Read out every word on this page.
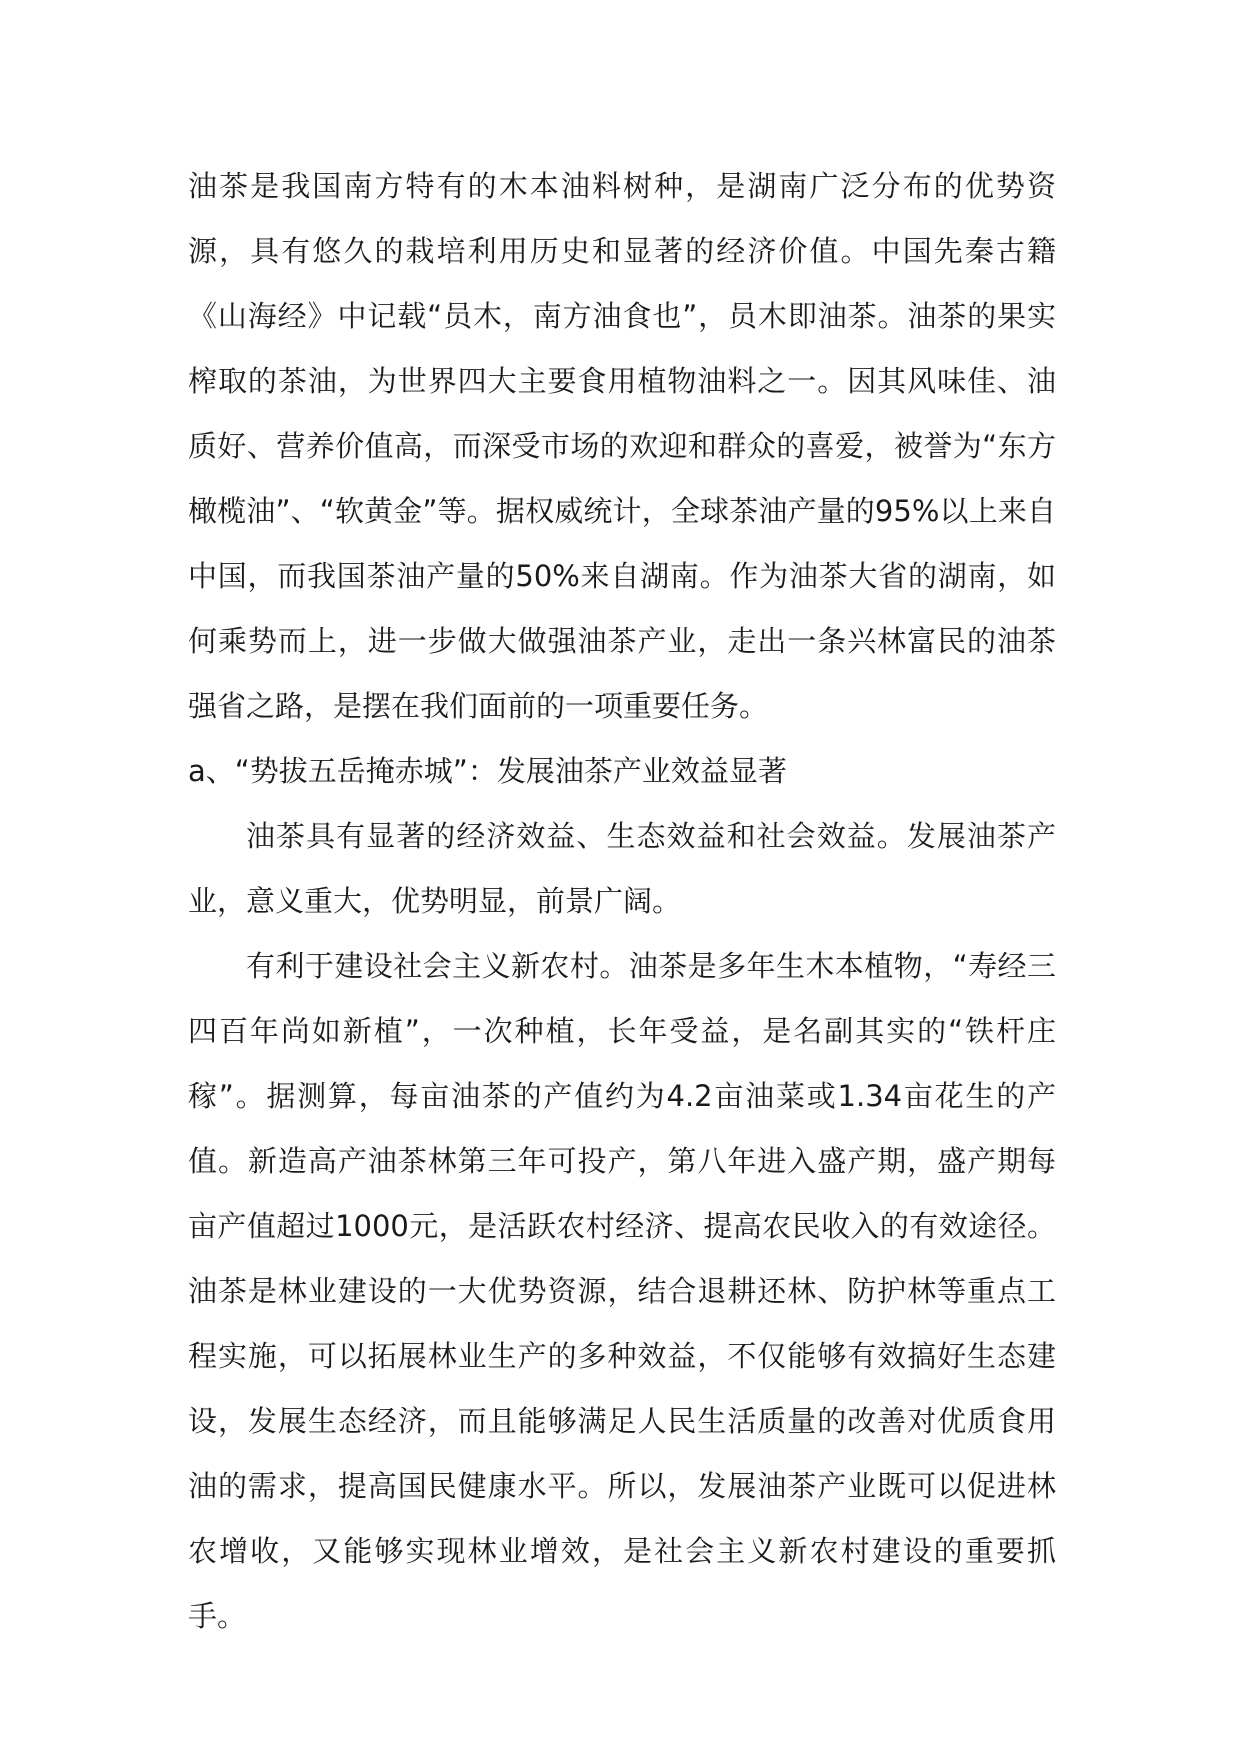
油茶是我国南方特有的木本油料树种，是湖南广泛分布的优势资源，具有悠久的栽培利用历史和显著的经济价值。中国先秦古籍《山海经》中记载“员木，南方油食也”，员木即油茶。油茶的果实榨取的茶油，为世界四大主要食用植物油料之一。因其风味佳、油质好、营养价值高，而深受市场的欢迎和群众的喜爱，被誉为“东方橄榄油”、“软黄金”等。据权威统计，全球茶油产量的95%以上来自中国，而我国茶油产量的50%来自湖南。作为油茶大省的湖南，如何乘势而上，进一步做大做强油茶产业，走出一条兴林富民的油茶强省之路，是摆在我们面前的一项重要任务。

a、“势拔五岳掩赤城”：发展油茶产业效益显著

油茶具有显著的经济效益、生态效益和社会效益。发展油茶产业，意义重大，优势明显，前景广阔。

有利于建设社会主义新农村。油茶是多年生木本植物，“寿经三四百年尚如新植”，一次种植，长年受益，是名副其实的“铁杆庄稼”。据测算，每亩油茶的产值约为4.2亩油菜或1.34亩花生的产值。新造高产油茶林第三年可投产，第八年进入盛产期，盛产期每亩产值超过1000元，是活跃农村经济、提高农民收入的有效途径。油茶是林业建设的一大优势资源，结合退耕还林、防护林等重点工程实施，可以拓展林业生产的多种效益，不仅能够有效搞好生态建设，发展生态经济，而且能够满足人民生活质量的改善对优质食用油的需求，提高国民健康水平。所以，发展油茶产业既可以促进林农增收，又能够实现林业增效，是社会主义新农村建设的重要抓手。
